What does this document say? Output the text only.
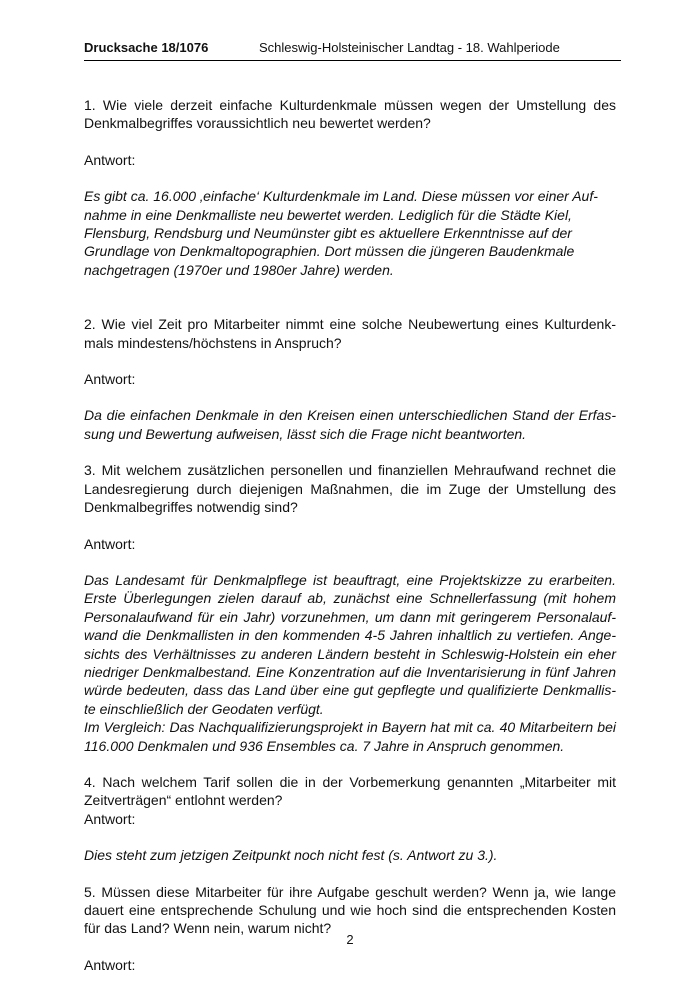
Drucksache 18/1076	Schleswig-Holsteinischer Landtag - 18. Wahlperiode

1. Wie viele derzeit einfache Kulturdenkmale müssen wegen der Umstellung des Denkmalbegriffes voraussichtlich neu bewertet werden?

Antwort:

Es gibt ca. 16.000 ‚einfache‘ Kulturdenkmale im Land. Diese müssen vor einer Auf-
nahme in eine Denkmalliste neu bewertet werden. Lediglich für die Städte Kiel,
Flensburg, Rendsburg und Neumünster gibt es aktuellere Erkenntnisse auf der
Grundlage von Denkmaltopographien. Dort müssen die jüngeren Baudenkmale
nachgetragen (1970er und 1980er Jahre) werden.

2. Wie viel Zeit pro Mitarbeiter nimmt eine solche Neubewertung eines Kulturdenkmals mindestens/höchstens in Anspruch?

Antwort:

Da die einfachen Denkmale in den Kreisen einen unterschiedlichen Stand der Erfassung und Bewertung aufweisen, lässt sich die Frage nicht beantworten.

3. Mit welchem zusätzlichen personellen und finanziellen Mehraufwand rechnet die Landesregierung durch diejenigen Maßnahmen, die im Zuge der Umstellung des Denkmalbegriffes notwendig sind?

Antwort:

Das Landesamt für Denkmalpflege ist beauftragt, eine Projektskizze zu erarbeiten. Erste Überlegungen zielen darauf ab, zunächst eine Schnellerfassung (mit hohem Personalaufwand für ein Jahr) vorzunehmen, um dann mit geringerem Personalaufwand die Denkmallisten in den kommenden 4-5 Jahren inhaltlich zu vertiefen. Angesichts des Verhältnisses zu anderen Ländern besteht in Schleswig-Holstein ein eher niedriger Denkmalbestand. Eine Konzentration auf die Inventarisierung in fünf Jahren würde bedeuten, dass das Land über eine gut gepflegte und qualifizierte Denkmalliste einschließlich der Geodaten verfügt.

Im Vergleich: Das Nachqualifizierungsprojekt in Bayern hat mit ca. 40 Mitarbeitern bei 116.000 Denkmalen und 936 Ensembles ca. 7 Jahre in Anspruch genommen.

4. Nach welchem Tarif sollen die in der Vorbemerkung genannten „Mitarbeiter mit Zeitverträgen“ entlohnt werden?

Antwort:

Dies steht zum jetzigen Zeitpunkt noch nicht fest (s. Antwort zu 3.).

5. Müssen diese Mitarbeiter für ihre Aufgabe geschult werden? Wenn ja, wie lange dauert eine entsprechende Schulung und wie hoch sind die entsprechenden Kosten für das Land? Wenn nein, warum nicht?

Antwort:

2
